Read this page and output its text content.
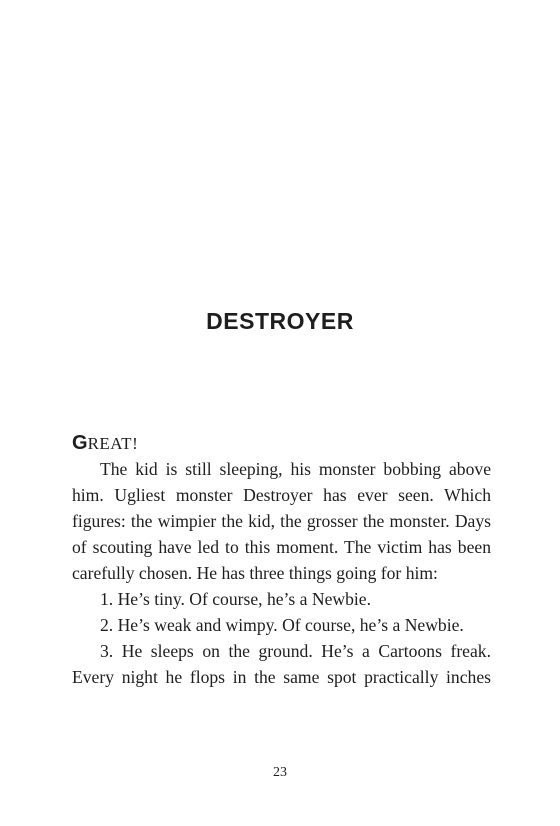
DESTROYER
GREAT!

The kid is still sleeping, his monster bobbing above him. Ugliest monster Destroyer has ever seen. Which figures: the wimpier the kid, the grosser the monster. Days of scouting have led to this moment. The victim has been carefully chosen. He has three things going for him:

1. He’s tiny. Of course, he’s a Newbie.

2. He’s weak and wimpy. Of course, he’s a Newbie.

3. He sleeps on the ground. He’s a Cartoons freak. Every night he flops in the same spot practically inches

23
